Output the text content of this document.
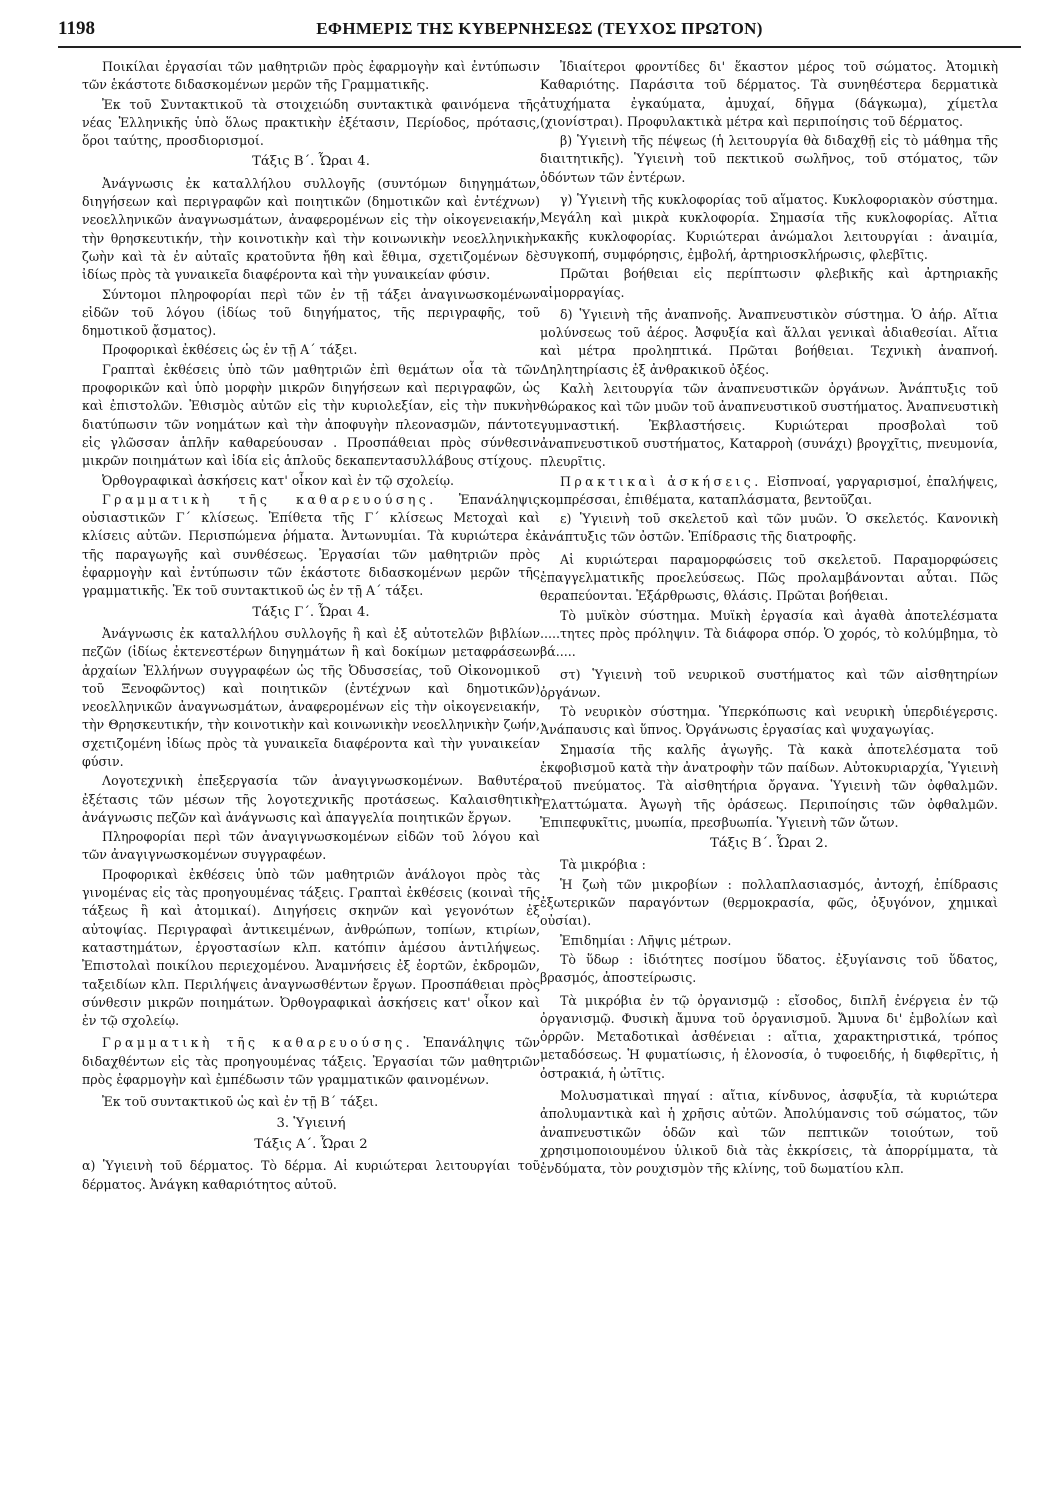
1198	ΕΦΗΜΕΡΙΣ ΤΗΣ ΚΥΒΕΡΝΗΣΕΩΣ (ΤΕΥΧΟΣ ΠΡΩΤΟΝ)

Ποικίλαι ἐργασίαι τῶν μαθητριῶν πρὸς ἐφαρμογὴν καὶ ἐντύπωσιν τῶν ἑκάστοτε διδασκομένων μερῶν τῆς Γραμματικῆς.

Ἐκ τοῦ Συντακτικοῦ τὰ στοιχειώδη συντακτικὰ φαινόμενα τῆς νέας Ἑλληνικῆς ὑπὸ ὅλως πρακτικὴν ἐξέτασιν, Περίοδος, πρότασις, ὅροι ταύτης, προσδιορισμοί.

Τάξις Β΄. Ὧραι 4.

Ἀνάγνωσις ἐκ καταλλήλου συλλογῆς (συντόμων διηγημάτων, διηγήσεων καὶ περιγραφῶν καὶ ποιητικῶν (δημοτικῶν καὶ ἐντέχνων) νεοελληνικῶν ἀναγνωσμάτων, ἀναφερομένων εἰς τὴν οἰκογενειακήν, τὴν θρησκευτικήν, τὴν κοινοτικὴν καὶ τὴν κοινωνικὴν νεοελληνικὴν ζωὴν καὶ τὰ ἐν αὐταῖς κρατοῦντα ἤθη καὶ ἔθιμα, σχετιζομένων δὲ ἰδίως πρὸς τὰ γυναικεῖα διαφέροντα καὶ τὴν γυναικείαν φύσιν.

Σύντομοι πληροφορίαι περὶ τῶν ἐν τῇ τάξει ἀναγινωσκομένων εἰδῶν τοῦ λόγου (ἰδίως τοῦ διηγήματος, τῆς περιγραφῆς, τοῦ δημοτικοῦ ᾄσματος).

Προφορικαὶ ἐκθέσεις ὡς ἐν τῇ Α΄ τάξει.

Γραπταὶ ἐκθέσεις ὑπὸ τῶν μαθητριῶν ἐπὶ θεμάτων οἷα τὰ τῶν προφορικῶν καὶ ὑπὸ μορφὴν μικρῶν διηγήσεων καὶ περιγραφῶν, ὡς καὶ ἐπιστολῶν. Ἐθισμὸς αὐτῶν εἰς τὴν κυριολεξίαν, εἰς τὴν πυκνὴν διατύπωσιν τῶν νοημάτων καὶ τὴν ἀποφυγὴν πλεονασμῶν, πάντοτε εἰς γλῶσσαν ἁπλῆν καθαρεύουσαν . Προσπάθειαι πρὸς σύνθεσιν μικρῶν ποιημάτων καὶ ἰδία εἰς ἁπλοῦς δεκαπεντασυλλάβους στίχους.

Ὀρθογραφικαὶ ἀσκήσεις κατ' οἶκον καὶ ἐν τῷ σχολείῳ.

Γραμματικὴ τῆς καθαρευούσης. Ἐπανάληψις οὐσιαστικῶν Γ΄ κλίσεως. Ἐπίθετα τῆς Γ΄ κλίσεως Μετοχαὶ καὶ κλίσεις αὐτῶν. Περισπώμενα ῥήματα. Ἀντωνυμίαι. Τὰ κυριώτερα ἐκ τῆς παραγωγῆς καὶ συνθέσεως. Ἐργασίαι τῶν μαθητριῶν πρὸς ἐφαρμογὴν καὶ ἐντύπωσιν τῶν ἑκάστοτε διδασκομένων μερῶν τῆς γραμματικῆς. Ἐκ τοῦ συντακτικοῦ ὡς ἐν τῇ Α΄ τάξει.

Τάξις Γ΄. Ὧραι 4.

Ἀνάγνωσις ἐκ καταλλήλου συλλογῆς ἢ καὶ ἐξ αὐτοτελῶν βιβλίων πεζῶν (ἰδίως ἐκτενεστέρων διηγημάτων ἢ καὶ δοκίμων μεταφράσεων ἀρχαίων Ἑλλήνων συγγραφέων ὡς τῆς Ὀδυσσείας, τοῦ Οἰκονομικοῦ τοῦ Ξενοφῶντος) καὶ ποιητικῶν (ἐντέχνων καὶ δημοτικῶν) νεοελληνικῶν ἀναγνωσμάτων, ἀναφερομένων εἰς τὴν οἰκογενειακήν, τὴν Θρησκευτικήν, τὴν κοινοτικὴν καὶ κοινωνικὴν νεοελληνικὴν ζωήν, σχετιζομένη ἰδίως πρὸς τὰ γυναικεῖα διαφέροντα καὶ τὴν γυναικείαν φύσιν.

Λογοτεχνικὴ ἐπεξεργασία τῶν ἀναγιγνωσκομένων. Βαθυτέρα ἐξέτασις τῶν μέσων τῆς λογοτεχνικῆς προτάσεως. Καλαισθητικὴ ἀνάγνωσις πεζῶν καὶ ἀνάγνωσις καὶ ἀπαγγελία ποιητικῶν ἔργων.

Πληροφορίαι περὶ τῶν ἀναγιγνωσκομένων εἰδῶν τοῦ λόγου καὶ τῶν ἀναγιγνωσκομένων συγγραφέων.

Προφορικαὶ ἐκθέσεις ὑπὸ τῶν μαθητριῶν ἀνάλογοι πρὸς τὰς γινομένας εἰς τὰς προηγουμένας τάξεις. Γραπταὶ ἐκθέσεις (κοιναὶ τῆς τάξεως ἢ καὶ ἀτομικαί). Διηγήσεις σκηνῶν καὶ γεγονότων ἐξ αὐτοψίας. Περιγραφαὶ ἀντικειμένων, ἀνθρώπων, τοπίων, κτιρίων, καταστημάτων, ἐργοστασίων κλπ. κατόπιν ἀμέσου ἀντιλήψεως. Ἐπιστολαὶ ποικίλου περιεχομένου. Ἀναμνήσεις ἐξ ἑορτῶν, ἐκδρομῶν, ταξειδίων κλπ. Περιλήψεις ἀναγνωσθέντων ἔργων. Προσπάθειαι πρὸς σύνθεσιν μικρῶν ποιημάτων. Ὀρθογραφικαὶ ἀσκήσεις κατ' οἶκον καὶ ἐν τῷ σχολείῳ.

Γραμματικὴ τῆς καθαρευούσης. Ἐπανάληψις τῶν διδαχθέντων εἰς τὰς προηγουμένας τάξεις. Ἐργασίαι τῶν μαθητριῶν πρὸς ἐφαρμογὴν καὶ ἐμπέδωσιν τῶν γραμματικῶν φαινομένων.

Ἐκ τοῦ συντακτικοῦ ὡς καὶ ἐν τῇ Β΄ τάξει.

3. Ὑγιεινή

Τάξις Α΄. Ὧραι 2

α) Ὑγιεινὴ τοῦ δέρματος. Τὸ δέρμα. Αἱ κυριώτεραι λειτουργίαι τοῦ δέρματος. Ἀνάγκη καθαριότητος αὐτοῦ.

Ἰδιαίτεροι φροντίδες δι' ἕκαστον μέρος τοῦ σώματος. Ἀτομικὴ Καθαριότης. Παράσιτα τοῦ δέρματος. Τὰ συνηθέστερα δερματικὰ ἀτυχήματα ἐγκαύματα, ἀμυχαί, δῆγμα (δάγκωμα), χίμετλα (χιονίστραι). Προφυλακτικὰ μέτρα καὶ περιποίησις τοῦ δέρματος.

β) Ὑγιεινὴ τῆς πέψεως (ἡ λειτουργία θὰ διδαχθῇ εἰς τὸ μάθημα τῆς διαιτητικῆς). Ὑγιεινὴ τοῦ πεκτικοῦ σωλῆνος, τοῦ στόματος, τῶν ὀδόντων τῶν ἐντέρων.

γ) Ὑγιεινὴ τῆς κυκλοφορίας τοῦ αἵματος. Κυκλοφοριακὸν σύστημα. Μεγάλη καὶ μικρὰ κυκλοφορία. Σημασία τῆς κυκλοφορίας. Αἴτια κακῆς κυκλοφορίας. Κυριώτεραι ἀνώμαλοι λειτουργίαι : ἀναιμία, συγκοπή, συμφόρησις, ἐμβολή, ἀρτηριοσκλήρωσις, φλεβῖτις.

Πρῶται βοήθειαι εἰς περίπτωσιν φλεβικῆς καὶ ἀρτηριακῆς αἱμορραγίας.

δ) Ὑγιεινὴ τῆς ἀναπνοῆς. Ἀναπνευστικὸν σύστημα. Ὁ ἀήρ. Αἴτια μολύνσεως τοῦ ἀέρος. Ἀσφυξία καὶ ἄλλαι γενικαὶ ἀδιαθεσίαι. Αἴτια καὶ μέτρα προληπτικά. Πρῶται βοήθειαι. Τεχνικὴ ἀναπνοή. Δηλητηρίασις ἐξ ἀνθρακικοῦ ὀξέος.

Καλὴ λειτουργία τῶν ἀναπνευστικῶν ὀργάνων. Ἀνάπτυξις τοῦ θώρακος καὶ τῶν μυῶν τοῦ ἀναπνευστικοῦ συστήματος. Ἀναπνευστικὴ γυμναστική. Ἐκβλαστήσεις. Κυριώτεραι προσβολαὶ τοῦ ἀναπνευστικοῦ συστήματος, Καταρροὴ (συνάχι) βρογχῖτις, πνευμονία, πλευρῖτις.

Πρακτικαὶ ἀσκήσεις. Εἰσπνοαί, γαργαρισμοί, ἐπαλήψεις, κομπρέσσαι, ἐπιθέματα, καταπλάσματα, βεντοῦζαι.

ε) Ὑγιεινὴ τοῦ σκελετοῦ καὶ τῶν μυῶν. Ὁ σκελετός. Κανονικὴ ἀνάπτυξις τῶν ὀστῶν. Ἐπίδρασις τῆς διατροφῆς.

Αἱ κυριώτεραι παραμορφώσεις τοῦ σκελετοῦ. Παραμορφώσεις ἐπαγγελματικῆς προελεύσεως. Πῶς προλαμβάνονται αὗται. Πῶς θεραπεύονται. Ἐξάρθρωσις, θλάσις. Πρῶται βοήθειαι.

Τὸ μυϊκὸν σύστημα. Μυϊκὴ ἐργασία καὶ ἀγαθὰ ἀποτελέσματα .....τητες πρὸς πρόληψιν. Τὰ διάφορα σπόρ. Ὁ χορός, τὸ κολύμβημα, τὸ βά.....

στ) Ὑγιεινὴ τοῦ νευρικοῦ συστήματος καὶ τῶν αἰσθητηρίων ὀργάνων.

Τὸ νευρικὸν σύστημα. Ὑπερκόπωσις καὶ νευρικὴ ὑπερδιέγερσις. Ἀνάπαυσις καὶ ὕπνος. Ὀργάνωσις ἐργασίας καὶ ψυχαγωγίας.

Σημασία τῆς καλῆς ἀγωγῆς. Τὰ κακὰ ἀποτελέσματα τοῦ ἐκφοβισμοῦ κατὰ τὴν ἀνατροφὴν τῶν παίδων. Αὐτοκυριαρχία, Ὑγιεινὴ τοῦ πνεύματος. Τὰ αἰσθητήρια ὄργανα. Ὑγιεινὴ τῶν ὀφθαλμῶν. Ἐλαττώματα. Ἀγωγὴ τῆς ὁράσεως. Περιποίησις τῶν ὀφθαλμῶν. Ἐπιπεφυκῖτις, μυωπία, πρεσβυωπία. Ὑγιεινὴ τῶν ὤτων.

Τάξις Β΄. Ὧραι 2.

Τὰ μικρόβια :

Ἡ ζωὴ τῶν μικροβίων : πολλαπλασιασμός, ἀντοχή, ἐπίδρασις ἐξωτερικῶν παραγόντων (θερμοκρασία, φῶς, ὀξυγόνον, χημικαὶ οὐσίαι).

Ἐπιδημίαι : Λῆψις μέτρων.

Τὸ ὕδωρ : ἰδιότητες ποσίμου ὕδατος. ἐξυγίανσις τοῦ ὕδατος, βρασμός, ἀποστείρωσις.

Τὰ μικρόβια ἐν τῷ ὀργανισμῷ : εἴσοδος, διπλῆ ἐνέργεια ἐν τῷ ὀργανισμῷ. Φυσικὴ ἄμυνα τοῦ ὀργανισμοῦ. Ἄμυνα δι' ἐμβολίων καὶ ὀρρῶν. Μεταδοτικαὶ ἀσθένειαι : αἴτια, χαρακτηριστικά, τρόπος μεταδόσεως. Ἡ φυματίωσις, ἡ ἑλονοσία, ὁ τυφοειδής, ἡ διφθερῖτις, ἡ ὀστρακιά, ἡ ὠτῖτις.

Μολυσματικαὶ πηγαί : αἴτια, κίνδυνος, ἀσφυξία, τὰ κυριώτερα ἀπολυμαντικὰ καὶ ἡ χρῆσις αὐτῶν. Ἀπολύμανσις τοῦ σώματος, τῶν ἀναπνευστικῶν ὁδῶν καὶ τῶν πεπτικῶν τοιούτων, τοῦ χρησιμοποιουμένου ὑλικοῦ διὰ τὰς ἐκκρίσεις, τὰ ἀπορρίμματα, τὰ ἐνδύματα, τὸν ρουχισμὸν τῆς κλίνης, τοῦ δωματίου κλπ.
